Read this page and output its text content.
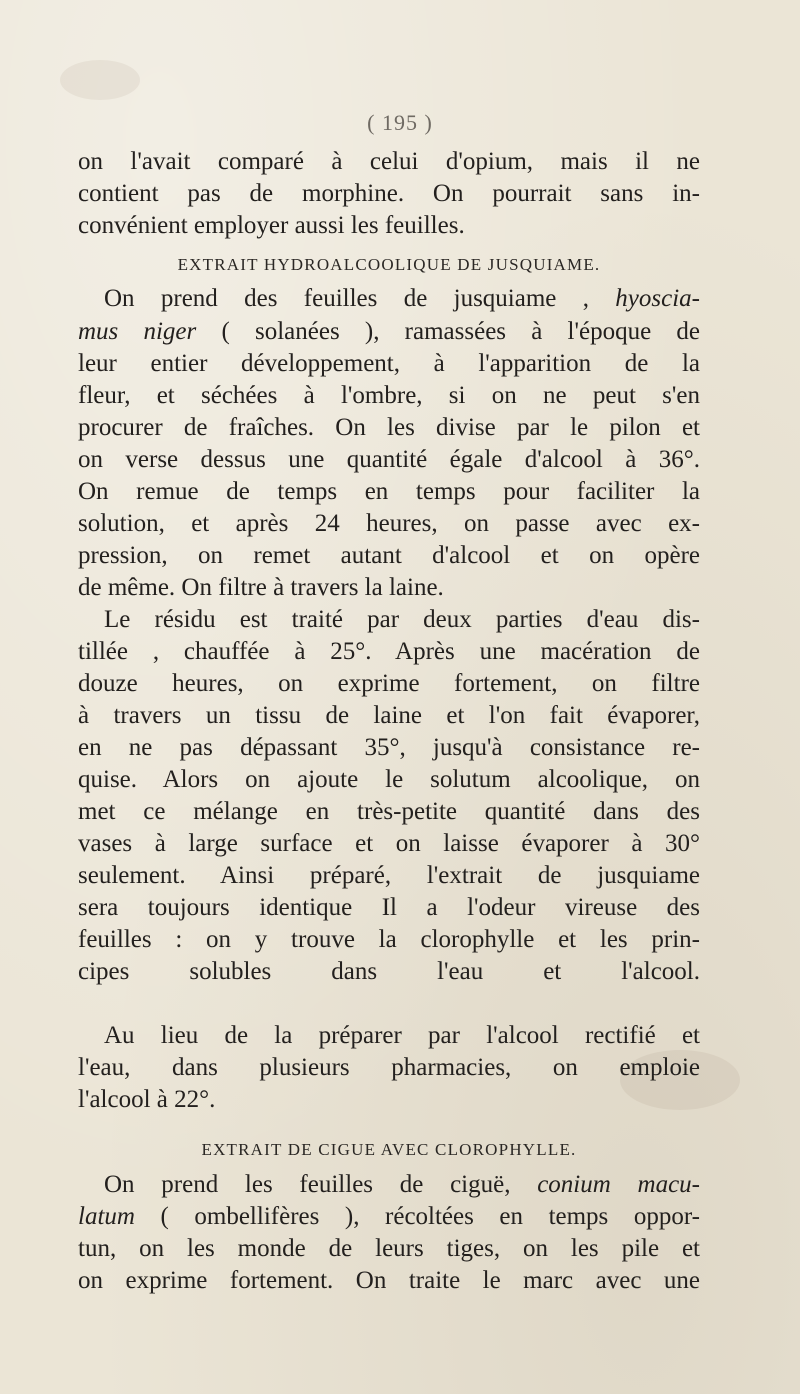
( 195 )
on l'avait comparé à celui d'opium, mais il ne
contient pas de morphine. On pourrait sans in-
convénient employer aussi les feuilles.
EXTRAIT HYDROALCOOLIQUE DE JUSQUIAME.
On prend des feuilles de jusquiame , hyoscia-
mus niger ( solanées ), ramassées à l'époque de
leur entier développement, à l'apparition de la
fleur, et séchées à l'ombre, si on ne peut s'en
procurer de fraîches. On les divise par le pilon et
on verse dessus une quantité égale d'alcool à 36°.
On remue de temps en temps pour faciliter la
solution, et après 24 heures, on passe avec ex-
pression, on remet autant d'alcool et on opère
de même. On filtre à travers la laine.
Le résidu est traité par deux parties d'eau dis-
tillée , chauffée à 25°. Après une macération de
douze heures, on exprime fortement, on filtre
à travers un tissu de laine et l'on fait évaporer,
en ne pas dépassant 35°, jusqu'à consistance re-
quise. Alors on ajoute le solutum alcoolique, on
met ce mélange en très-petite quantité dans des
vases à large surface et on laisse évaporer à 30°
seulement. Ainsi préparé, l'extrait de jusquiame
sera toujours identique Il a l'odeur vireuse des
feuilles : on y trouve la clorophylle et les prin-
cipes solubles dans l'eau et l'alcool.
Au lieu de la préparer par l'alcool rectifié et
l'eau, dans plusieurs pharmacies, on emploie
l'alcool à 22°.
EXTRAIT DE CIGUE AVEC CLOROPHYLLE.
On prend les feuilles de ciguë, conium macu-
latum ( ombellifères ), récoltées en temps oppor-
tun, on les monde de leurs tiges, on les pile et
on exprime fortement. On traite le marc avec une
